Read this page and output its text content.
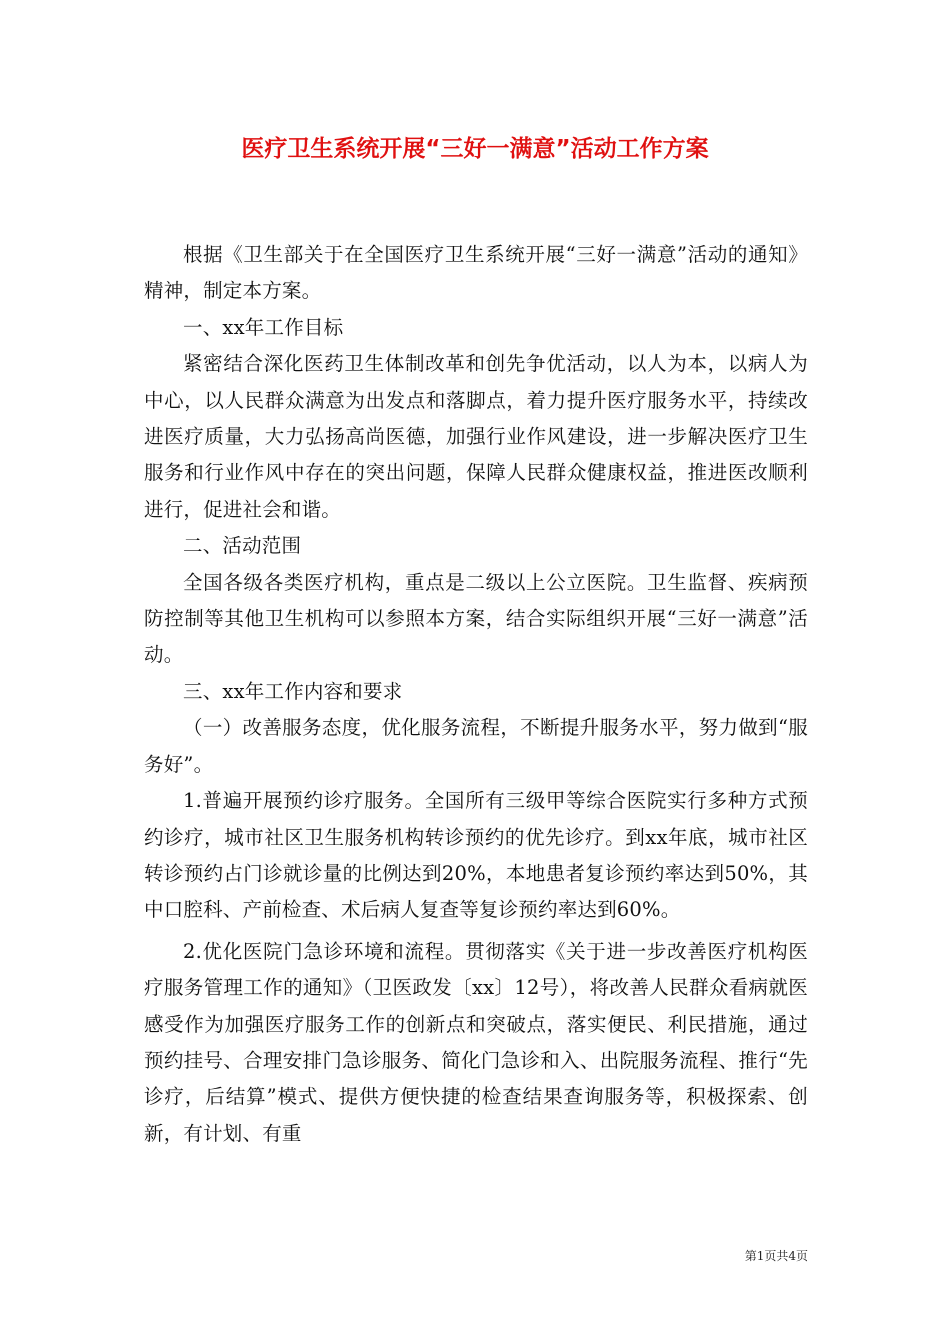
医疗卫生系统开展“三好一满意”活动工作方案

根据《卫生部关于在全国医疗卫生系统开展“三好一满意”活动的通知》精神，制定本方案。

一、xx年工作目标

紧密结合深化医药卫生体制改革和创先争优活动，以人为本，以病人为中心，以人民群众满意为出发点和落脚点，着力提升医疗服务水平，持续改进医疗质量，大力弘扬高尚医德，加强行业作风建设，进一步解决医疗卫生服务和行业作风中存在的突出问题，保障人民群众健康权益，推进医改顺利进行，促进社会和谐。

二、活动范围

全国各级各类医疗机构，重点是二级以上公立医院。卫生监督、疾病预防控制等其他卫生机构可以参照本方案，结合实际组织开展“三好一满意”活动。

三、xx年工作内容和要求

（一）改善服务态度，优化服务流程，不断提升服务水平，努力做到“服务好”。

1.普遍开展预约诊疗服务。全国所有三级甲等综合医院实行多种方式预约诊疗，城市社区卫生服务机构转诊预约的优先诊疗。到xx年底，城市社区转诊预约占门诊就诊量的比例达到20%，本地患者复诊预约率达到50%，其中口腔科、产前检查、术后病人复查等复诊预约率达到60%。

2.优化医院门急诊环境和流程。贯彻落实《关于进一步改善医疗机构医疗服务管理工作的通知》（卫医政发〔xx〕12号），将改善人民群众看病就医感受作为加强医疗服务工作的创新点和突破点，落实便民、利民措施，通过预约挂号、合理安排门急诊服务、简化门急诊和入、出院服务流程、推行“先诊疗，后结算”模式、提供方便快捷的检查结果查询服务等，积极探索、创新，有计划、有重

第1页共4页
